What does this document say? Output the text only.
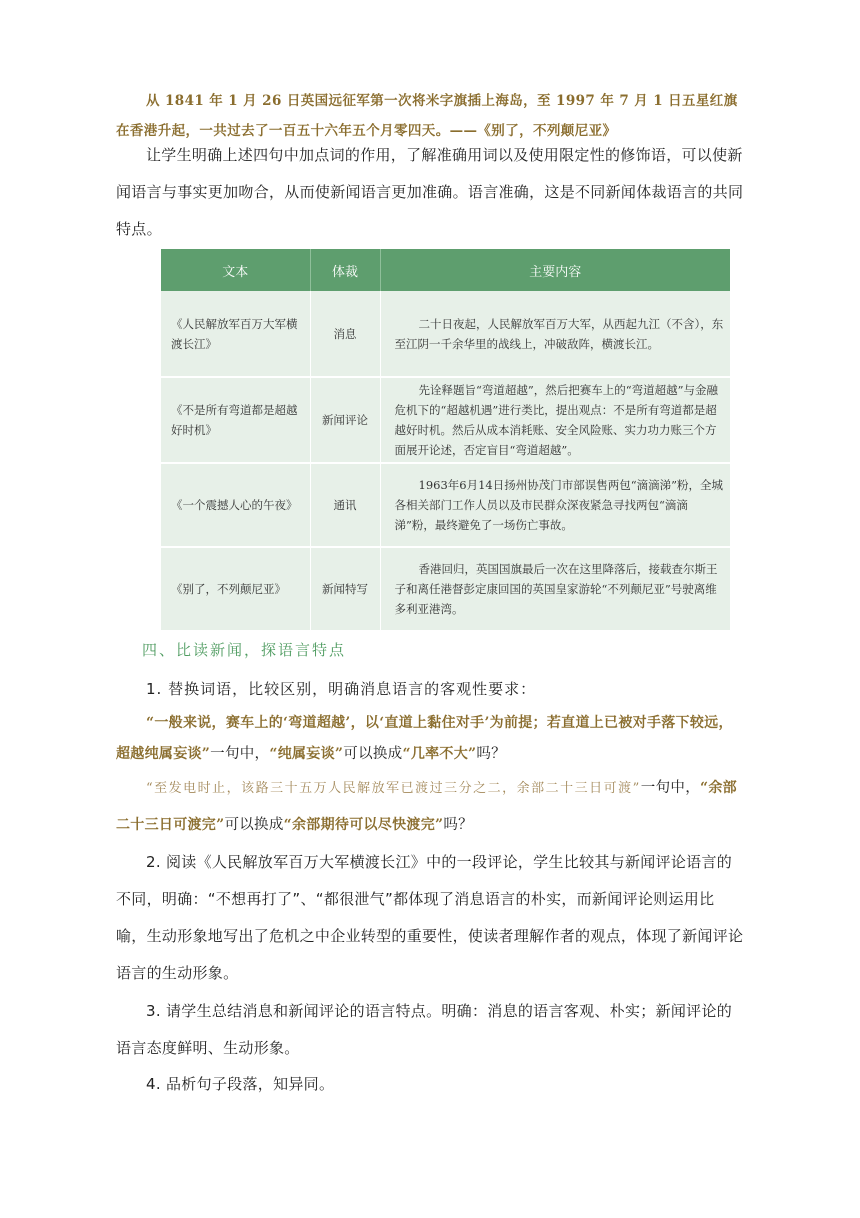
从 1841 年 1 月 26 日英国远征军第一次将米字旗插上海岛，至 1997 年 7 月 1 日五星红旗在香港升起，一共过去了一百五十六年五个月零四天。——《别了，不列颠尼亚》

让学生明确上述四句中加点词的作用，了解准确用词以及使用限定性的修饰语，可以使新闻语言与事实更加吻合，从而使新闻语言更加准确。语言准确，这是不同新闻体裁语言的共同特点。

文本	体裁	主要内容
《人民解放军百万大军横渡长江》	消息	二十日夜起，人民解放军百万大军，从西起九江（不含），东至江阴一千余华里的战线上，冲破敌阵，横渡长江。
《不是所有弯道都是超越好时机》	新闻评论	先诠释题旨“弯道超越”，然后把赛车上的“弯道超越”与金融危机下的“超越机遇”进行类比，提出观点：不是所有弯道都是超越好时机。然后从成本消耗账、安全风险账、实力功力账三个方面展开论述，否定盲目“弯道超越”。
《一个震撼人心的午夜》	通讯	1963年6月14日扬州协茂门市部误售两包“滴滴涕”粉，全城各相关部门工作人员以及市民群众深夜紧急寻找两包“滴滴涕”粉，最终避免了一场伤亡事故。
《别了，不列颠尼亚》	新闻特写	香港回归，英国国旗最后一次在这里降落后，接载查尔斯王子和离任港督彭定康回国的英国皇家游轮“不列颠尼亚”号驶离维多利亚港湾。

四、比读新闻，探语言特点

1. 替换词语，比较区别，明确消息语言的客观性要求：

“一般来说，赛车上的‘弯道超越’，以‘直道上黏住对手’为前提；若直道上已被对手落下较远，超越纯属妄谈”一句中，“纯属妄谈”可以换成“几率不大”吗？

“至发电时止，该路三十五万人民解放军已渡过三分之二，余部二十三日可渡”一句中，“余部二十三日可渡完”可以换成“余部期待可以尽快渡完”吗？

2. 阅读《人民解放军百万大军横渡长江》中的一段评论，学生比较其与新闻评论语言的不同，明确：“不想再打了”、“都很泄气”都体现了消息语言的朴实，而新闻评论则运用比喻，生动形象地写出了危机之中企业转型的重要性，使读者理解作者的观点，体现了新闻评论语言的生动形象。

3. 请学生总结消息和新闻评论的语言特点。明确：消息的语言客观、朴实；新闻评论的语言态度鲜明、生动形象。

4. 品析句子段落，知异同。
